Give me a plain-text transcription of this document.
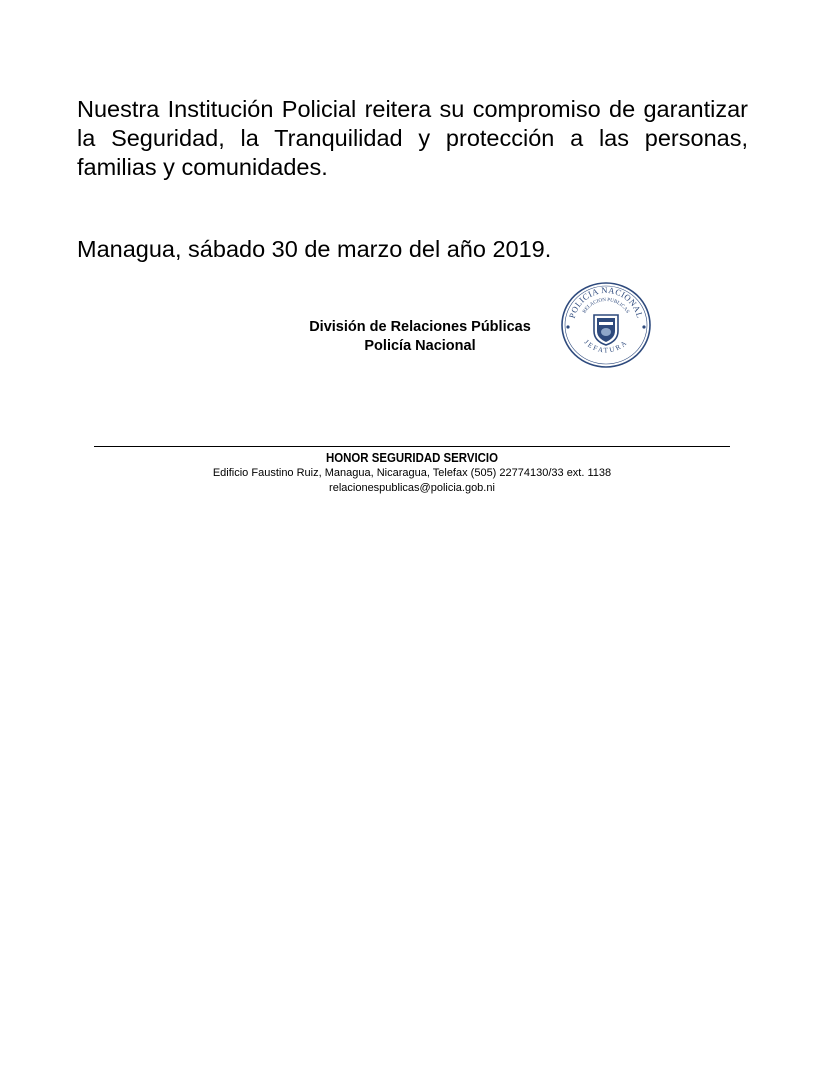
Nuestra Institución Policial reitera su compromiso de garantizar la Seguridad, la Tranquilidad y protección a las personas, familias y comunidades.
Managua, sábado 30 de marzo del año 2019.
División de Relaciones Públicas
Policía Nacional
POLICIA NACIONAL
RELACION PUBLICAS
JEFATURA
HONOR SEGURIDAD SERVICIO
Edificio Faustino Ruiz, Managua, Nicaragua, Telefax (505) 22774130/33 ext. 1138
relacionespublicas@policia.gob.ni
